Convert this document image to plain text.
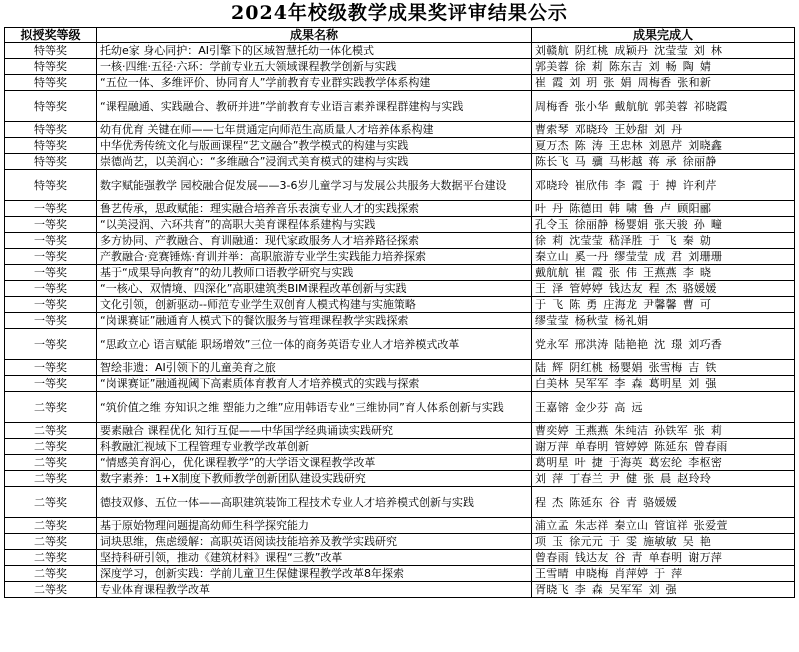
2024年校级教学成果奖评审结果公示
拟授奖等级	成果名称	成果完成人
特等奖	托幼e家 身心同护：AI引擎下的区域智慧托幼一体化模式	刘赣航 阴红桃 成颖丹 沈莹莹 刘 林
特等奖	一核·四维·五径·六环：学前专业五大领域课程教学创新与实践	郭美蓉 徐 莉 陈东吉 刘 畅 陶 婧
特等奖	“五位一体、多维评价、协同育人”学前教育专业群实践教学体系构建	崔 霞 刘 玥 张 娟 周梅香 张和新
特等奖	“课程融通、实践融合、教研并进”学前教育专业语言素养课程群建构与实践	周梅香 张小华 戴航航 郭美蓉 祁晓霞
特等奖	幼有优育 关键在师——七年贯通定向师范生高质量人才培养体系构建	曹索琴 邓晓玲 王妙甜 刘 丹
特等奖	中华优秀传统文化与版画课程“艺文融合”教学模式的构建与实践	夏万杰 陈 涛 王忠林 刘恩芹 刘晓鑫
特等奖	崇德尚艺，以美润心：“多维融合”浸润式美育模式的建构与实践	陈长飞 马 骥 马彬越 蒋 承 徐丽静
特等奖	数字赋能强教学 园校融合促发展——3-6岁儿童学习与发展公共服务大数据平台建设	邓晓玲 崔欣伟 李 霞 于 搏 许利芹
一等奖	鲁艺传承，思政赋能：理实融合培养音乐表演专业人才的实践探索	叶 丹 陈德田 韩 啸 鲁 卢 顾阳郦
一等奖	“以美浸润、六环共育”的高职大美育课程体系建构与实践	孔令玉 徐丽静 杨婴娟 张天骏 孙 疃
一等奖	多方协同、产教融合、育训融通：现代家政服务人才培养路径探索	徐 莉 沈莹莹 嵇泽胜 于 飞 秦 勍
一等奖	产教融合·竞赛锤炼·育训并举：高职旅游专业学生实践能力培养探索	秦立山 奚一丹 缪莹莹 成 君 刘珊珊
一等奖	基于“成果导向教育”的幼儿教师口语教学研究与实践	戴航航 崔 霞 张 伟 王燕燕 李 晓
一等奖	“一核心、双情境、四深化”高职建筑类BIM课程改革创新与实践	王 泽 管婷婷 钱达友 程 杰 骆媛媛
一等奖	文化引领，创新驱动--师范专业学生双创育人模式构建与实施策略	于 飞 陈 勇 庄海龙 尹馨馨 曹 可
一等奖	“岗课赛证”融通育人模式下的餐饮服务与管理课程教学实践探索	缪莹莹 杨秋莹 杨礼娟
一等奖	“思政立心 语言赋能 职场增效”三位一体的商务英语专业人才培养模式改革	党永军 邢洪涛 陆艳艳 沈 璟 刘巧香
一等奖	智绘非遗：AI引领下的儿童美育之旅	陆 辉 阴红桃 杨婴娟 张雪梅 吉 铁
一等奖	“岗课赛证”融通视阈下高素质体育教育人才培养模式的实践与探索	白美林 吴军军 李 森 葛明星 刘 强
二等奖	“筑价值之维 夯知识之维 塑能力之维”应用韩语专业“三维协同”育人体系创新与实践	王嘉镕 金少芬 高 远
二等奖	要素融合 课程优化 知行互促——中华国学经典诵读实践研究	曹奕婷 王燕燕 朱纯洁 孙铁军 张 莉
二等奖	科教融汇视域下工程管理专业教学改革创新	谢万萍 单春明 管婷婷 陈延东 曾春雨
二等奖	“情感美育润心，优化课程教学”的大学语文课程教学改革	葛明星 叶 捷 于海英 葛宏纶 李枢密
二等奖	数字素养：1+X制度下教师教学创新团队建设实践研究	刘 萍 丁春兰 尹 健 张 晨 赵玲玲
二等奖	德技双修、五位一体——高职建筑装饰工程技术专业人才培养模式创新与实践	程 杰 陈延东 谷 青 骆媛媛
二等奖	基于原始物理问题提高幼师生科学探究能力	浦立孟 朱志祥 秦立山 管谊祥 张爱萱
二等奖	词块思维，焦虑缓解：高职英语阅读技能培养及教学实践研究	项 玉 徐元元 于 雯 施敏敏 吴 艳
二等奖	坚持科研引领，推动《建筑材料》课程“三教”改革	曾春雨 钱达友 谷 青 单春明 谢万萍
二等奖	深度学习，创新实践：学前儿童卫生保健课程教学改革8年探索	王雪晴 申晓梅 肖萍婷 于 萍
二等奖	专业体育课程教学改革	胥晓飞 李 森 吴军军 刘 强
